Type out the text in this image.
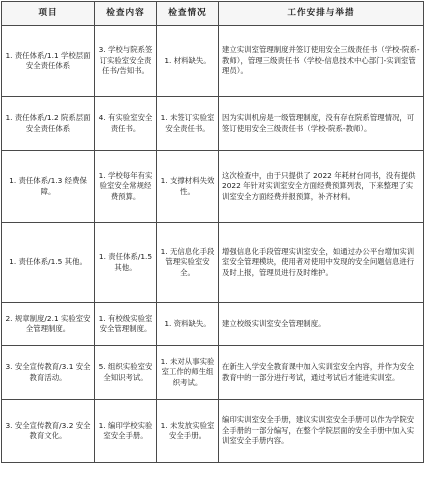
项目	检查内容	检查情况	工作安排与举措
1. 责任体系/1.1 学校层面安全责任体系	3. 学校与院系签订实验室安全责任书/告知书。	1. 材料缺失。	建立实训室管理制度并签订使用安全三级责任书（学校-院系-教师），管理三级责任书（学校-信息技术中心部门-实训室管理员）。
1. 责任体系/1.2 院系层面安全责任体系	4. 有实验室安全责任书。	1. 未签订实验室安全责任书。	因为实训机房是一级管理制度，没有存在院系管理情况，可签订使用安全三级责任书（学校-院系-教师）。
1. 责任体系/1.3 经费保障。	1. 学校每年有实验室安全常规经费预算。	1. 支撑材料失效性。	这次检查中，由于只提供了 2022 年耗材台同书，没有提供 2022 年针对实训室安全方面经费预算列表，下来整理了实训室安全方面经费并报预算，补齐材料。
1. 责任体系/1.5 其他。	1. 责任体系/1.5 其他。	1. 无信息化手段管理实验室安全。	增强信息化手段管理实训室安全，如通过办公平台增加实训室安全管理模块，使用者对使用中发现的安全问题信息进行及时上报，管理员进行及时维护。
2. 规章制度/2.1 实验室安全管理制度。	1. 有校级实验室安全管理制度。	1. 资料缺失。	建立校级实训室安全管理制度。
3. 安全宣传教育/3.1 安全教育活动。	5. 组织实验室安全知识考试。	1. 未对从事实验室工作的师生组织考试。	在新生入学安全教育课中加入实训室安全内容，并作为安全教育中的一部分进行考试，通过考试后才能进实训室。
3. 安全宣传教育/3.2 安全教育文化。	1. 编印学校实验室安全手册。	1. 未发放实验室安全手册。	编印实训室安全手册，建议实训室安全手册可以作为学院安全手册的一部分编写，在整个学院层面的安全手册中加入实训室安全手册内容。
